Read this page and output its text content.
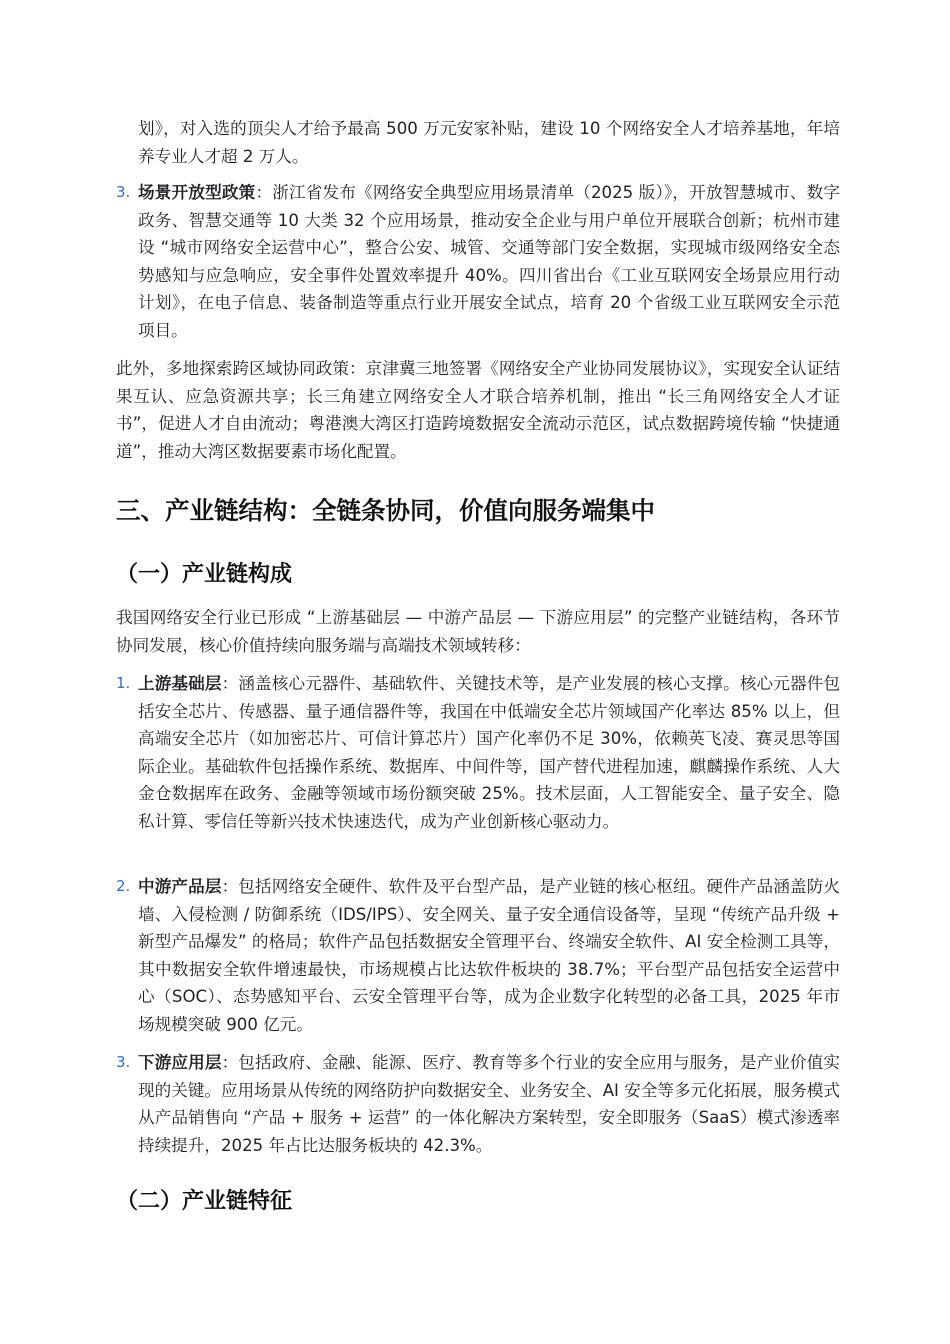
划》，对入选的顶尖人才给予最高 500 万元安家补贴，建设 10 个网络安全人才培养基地，年培养专业人才超 2 万人。
3. 场景开放型政策：浙江省发布《网络安全典型应用场景清单（2025 版）》，开放智慧城市、数字政务、智慧交通等 10 大类 32 个应用场景，推动安全企业与用户单位开展联合创新；杭州市建设 “城市网络安全运营中心”，整合公安、城管、交通等部门安全数据，实现城市级网络安全态势感知与应急响应，安全事件处置效率提升 40%。四川省出台《工业互联网安全场景应用行动计划》，在电子信息、装备制造等重点行业开展安全试点，培育 20 个省级工业互联网安全示范项目。

此外，多地探索跨区域协同政策：京津冀三地签署《网络安全产业协同发展协议》，实现安全认证结果互认、应急资源共享；长三角建立网络安全人才联合培养机制，推出 “长三角网络安全人才证书”，促进人才自由流动；粤港澳大湾区打造跨境数据安全流动示范区，试点数据跨境传输 “快捷通道”，推动大湾区数据要素市场化配置。

三、产业链结构：全链条协同，价值向服务端集中
（一）产业链构成

我国网络安全行业已形成 “上游基础层 — 中游产品层 — 下游应用层” 的完整产业链结构，各环节协同发展，核心价值持续向服务端与高端技术领域转移：

1. 上游基础层：涵盖核心元器件、基础软件、关键技术等，是产业发展的核心支撑。核心元器件包括安全芯片、传感器、量子通信器件等，我国在中低端安全芯片领域国产化率达 85% 以上，但高端安全芯片（如加密芯片、可信计算芯片）国产化率仍不足 30%，依赖英飞凌、赛灵思等国际企业。基础软件包括操作系统、数据库、中间件等，国产替代进程加速，麒麟操作系统、人大金仓数据库在政务、金融等领域市场份额突破 25%。技术层面，人工智能安全、量子安全、隐私计算、零信任等新兴技术快速迭代，成为产业创新核心驱动力。
2. 中游产品层：包括网络安全硬件、软件及平台型产品，是产业链的核心枢纽。硬件产品涵盖防火墙、入侵检测 / 防御系统（IDS/IPS）、安全网关、量子安全通信设备等，呈现 “传统产品升级 + 新型产品爆发” 的格局；软件产品包括数据安全管理平台、终端安全软件、AI 安全检测工具等，其中数据安全软件增速最快，市场规模占比达软件板块的 38.7%；平台型产品包括安全运营中心（SOC）、态势感知平台、云安全管理平台等，成为企业数字化转型的必备工具，2025 年市场规模突破 900 亿元。
3. 下游应用层：包括政府、金融、能源、医疗、教育等多个行业的安全应用与服务，是产业价值实现的关键。应用场景从传统的网络防护向数据安全、业务安全、AI 安全等多元化拓展，服务模式从产品销售向 “产品 + 服务 + 运营” 的一体化解决方案转型，安全即服务（SaaS）模式渗透率持续提升，2025 年占比达服务板块的 42.3%。
（二）产业链特征
